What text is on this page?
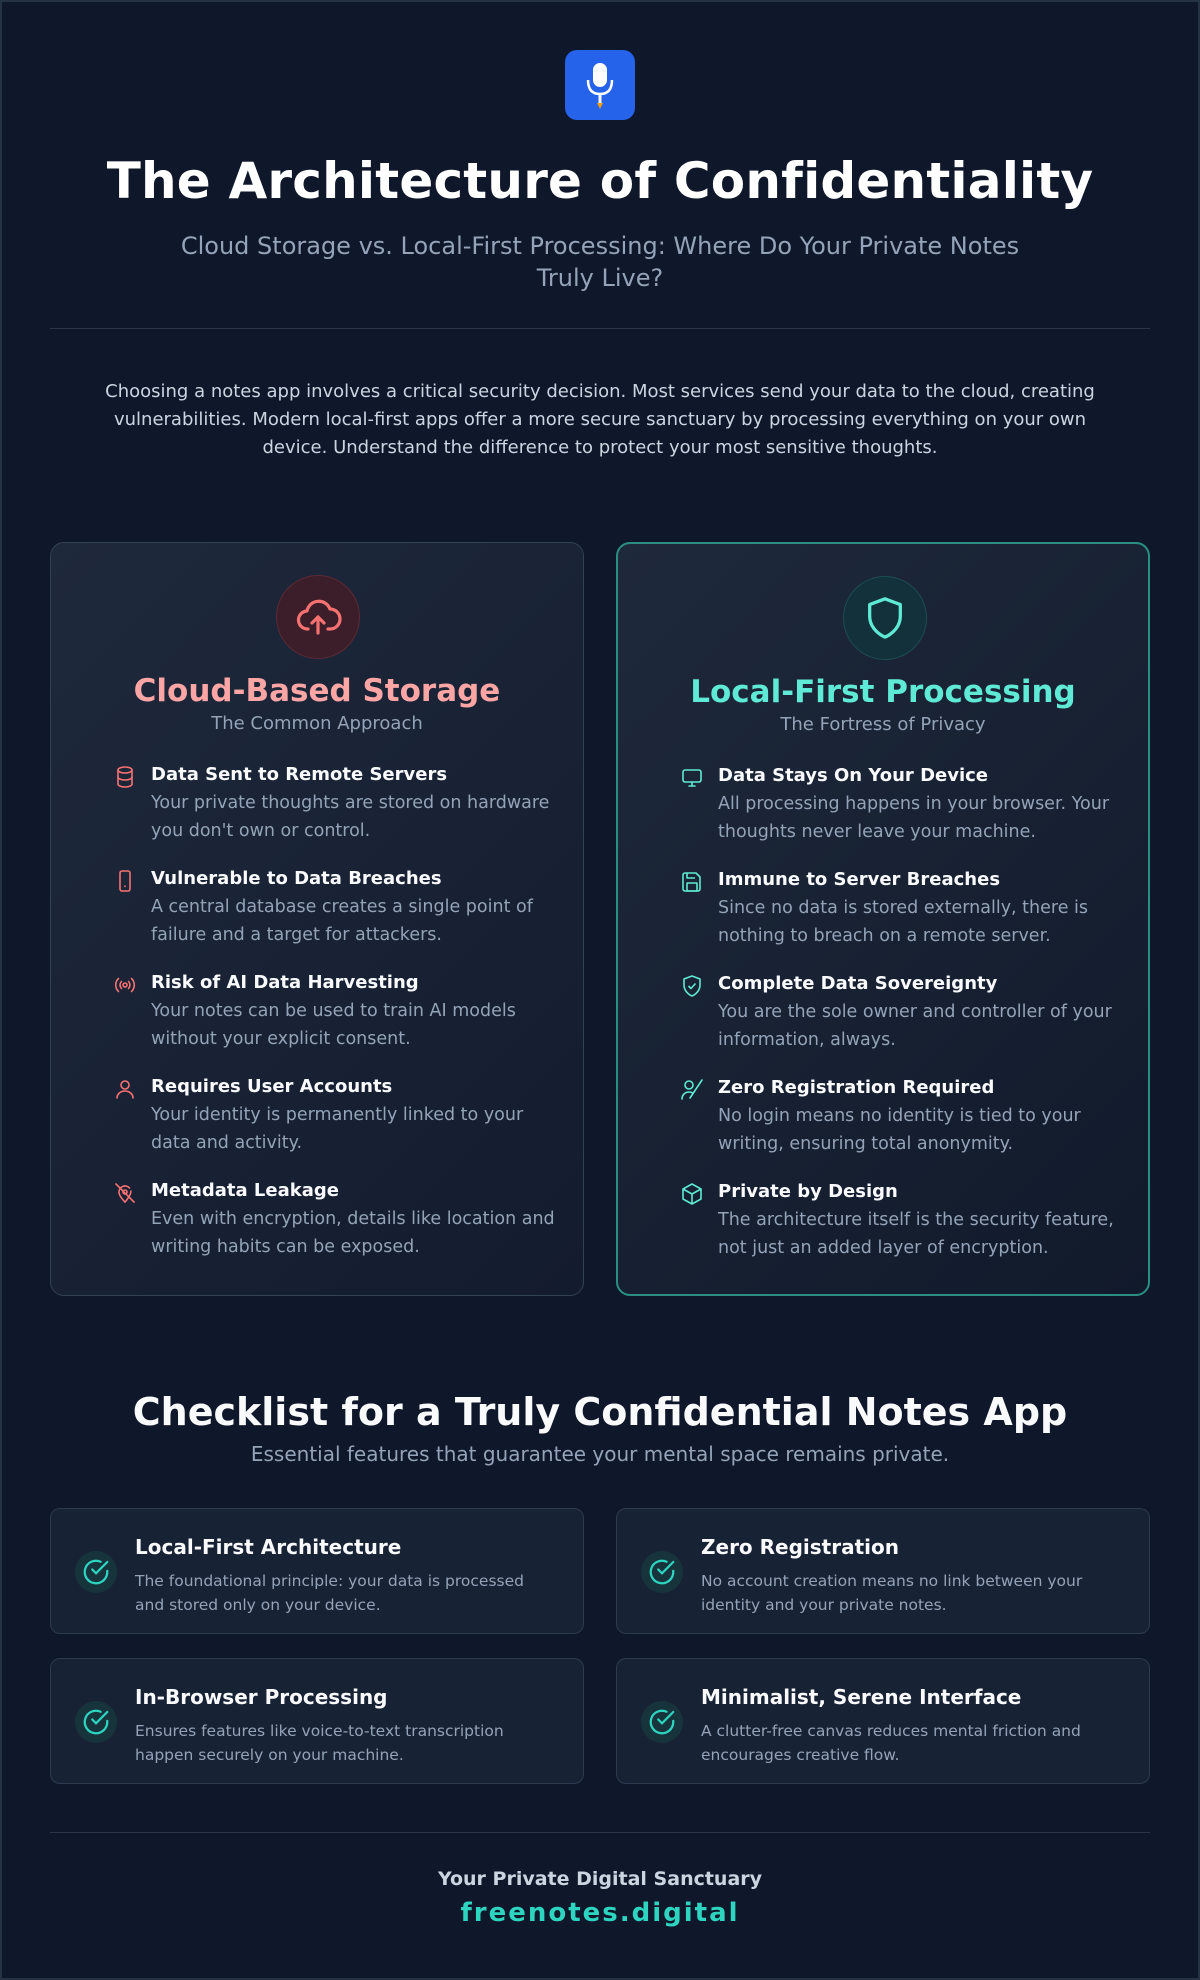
The Architecture of Confidentiality
Cloud Storage vs. Local-First Processing: Where Do Your Private Notes Truly Live?
Choosing a notes app involves a critical security decision. Most services send your data to the cloud, creating vulnerabilities. Modern local-first apps offer a more secure sanctuary by processing everything on your own device. Understand the difference to protect your most sensitive thoughts.
Cloud-Based Storage
The Common Approach
Data Sent to Remote Servers
Your private thoughts are stored on hardware you don't own or control.
Vulnerable to Data Breaches
A central database creates a single point of failure and a target for attackers.
Risk of AI Data Harvesting
Your notes can be used to train AI models without your explicit consent.
Requires User Accounts
Your identity is permanently linked to your data and activity.
Metadata Leakage
Even with encryption, details like location and writing habits can be exposed.
Local-First Processing
The Fortress of Privacy
Data Stays On Your Device
All processing happens in your browser. Your thoughts never leave your machine.
Immune to Server Breaches
Since no data is stored externally, there is nothing to breach on a remote server.
Complete Data Sovereignty
You are the sole owner and controller of your information, always.
Zero Registration Required
No login means no identity is tied to your writing, ensuring total anonymity.
Private by Design
The architecture itself is the security feature, not just an added layer of encryption.
Checklist for a Truly Confidential Notes App
Essential features that guarantee your mental space remains private.
Local-First Architecture
The foundational principle: your data is processed and stored only on your device.
Zero Registration
No account creation means no link between your identity and your private notes.
In-Browser Processing
Ensures features like voice-to-text transcription happen securely on your machine.
Minimalist, Serene Interface
A clutter-free canvas reduces mental friction and encourages creative flow.
Your Private Digital Sanctuary
freenotes.digital
